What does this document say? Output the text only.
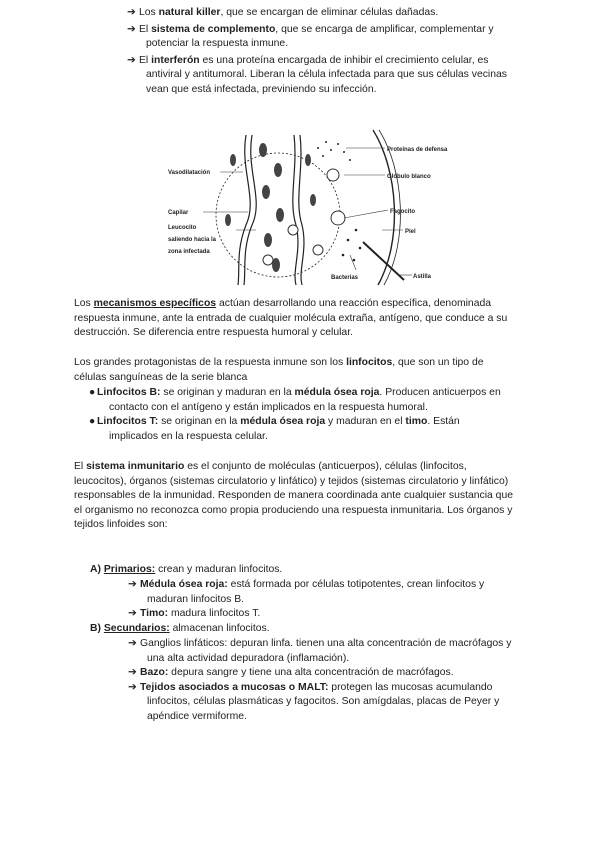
➔ Los natural killer, que se encargan de eliminar células dañadas.

➔ El sistema de complemento, que se encarga de amplificar, complementar y

potenciar la respuesta inmune.

➔ El interferón es una proteína encargada de inhibir el crecimiento celular, es

antiviral y antitumoral. Liberan la célula infectada para que sus células vecinas

vean que está infectada, previniendo su infección.

Vasodilatación
Capilar
Leucocito
saliendo hacia la
zona infectada
Proteínas de defensa
Glóbulo blanco
Fagocito
Piel
Bacterias	Astilla

Los mecanismos específicos actúan desarrollando una reacción específica, denominada

respuesta inmune, ante la entrada de cualquier molécula extraña, antígeno, que conduce a su

destrucción. Se diferencia entre respuesta humoral y celular.

Los grandes protagonistas de la respuesta inmune son los linfocitos, que son un tipo de

células sanguíneas de la serie blanca

● Linfocitos B: se originan y maduran en la médula ósea roja. Producen anticuerpos en

contacto con el antígeno y están implicados en la respuesta humoral.

● Linfocitos T: se originan en la médula ósea roja y maduran en el timo. Están

implicados en la respuesta celular.

El sistema inmunitario es el conjunto de moléculas (anticuerpos), células (linfocitos,

leucocitos), órganos (sistemas circulatorio y linfático) y tejidos (sistemas circulatorio y linfático)

responsables de la inmunidad. Responden de manera coordinada ante cualquier sustancia que

el organismo no reconozca como propia produciendo una respuesta inmunitaria. Los órganos y

tejidos linfoides son:

A) Primarios: crean y maduran linfocitos.

➔ Médula ósea roja: está formada por células totipotentes, crean linfocitos y

maduran linfocitos B.

➔ Timo: madura linfocitos T.

B) Secundarios: almacenan linfocitos.

➔ Ganglios linfáticos: depuran linfa. tienen una alta concentración de macrófagos y

una alta actividad depuradora (inflamación).

➔ Bazo: depura sangre y tiene una alta concentración de macrófagos.

➔ Tejidos asociados a mucosas o MALT: protegen las mucosas acumulando

linfocitos, células plasmáticas y fagocitos. Son amígdalas, placas de Peyer y

apéndice vermiforme.
